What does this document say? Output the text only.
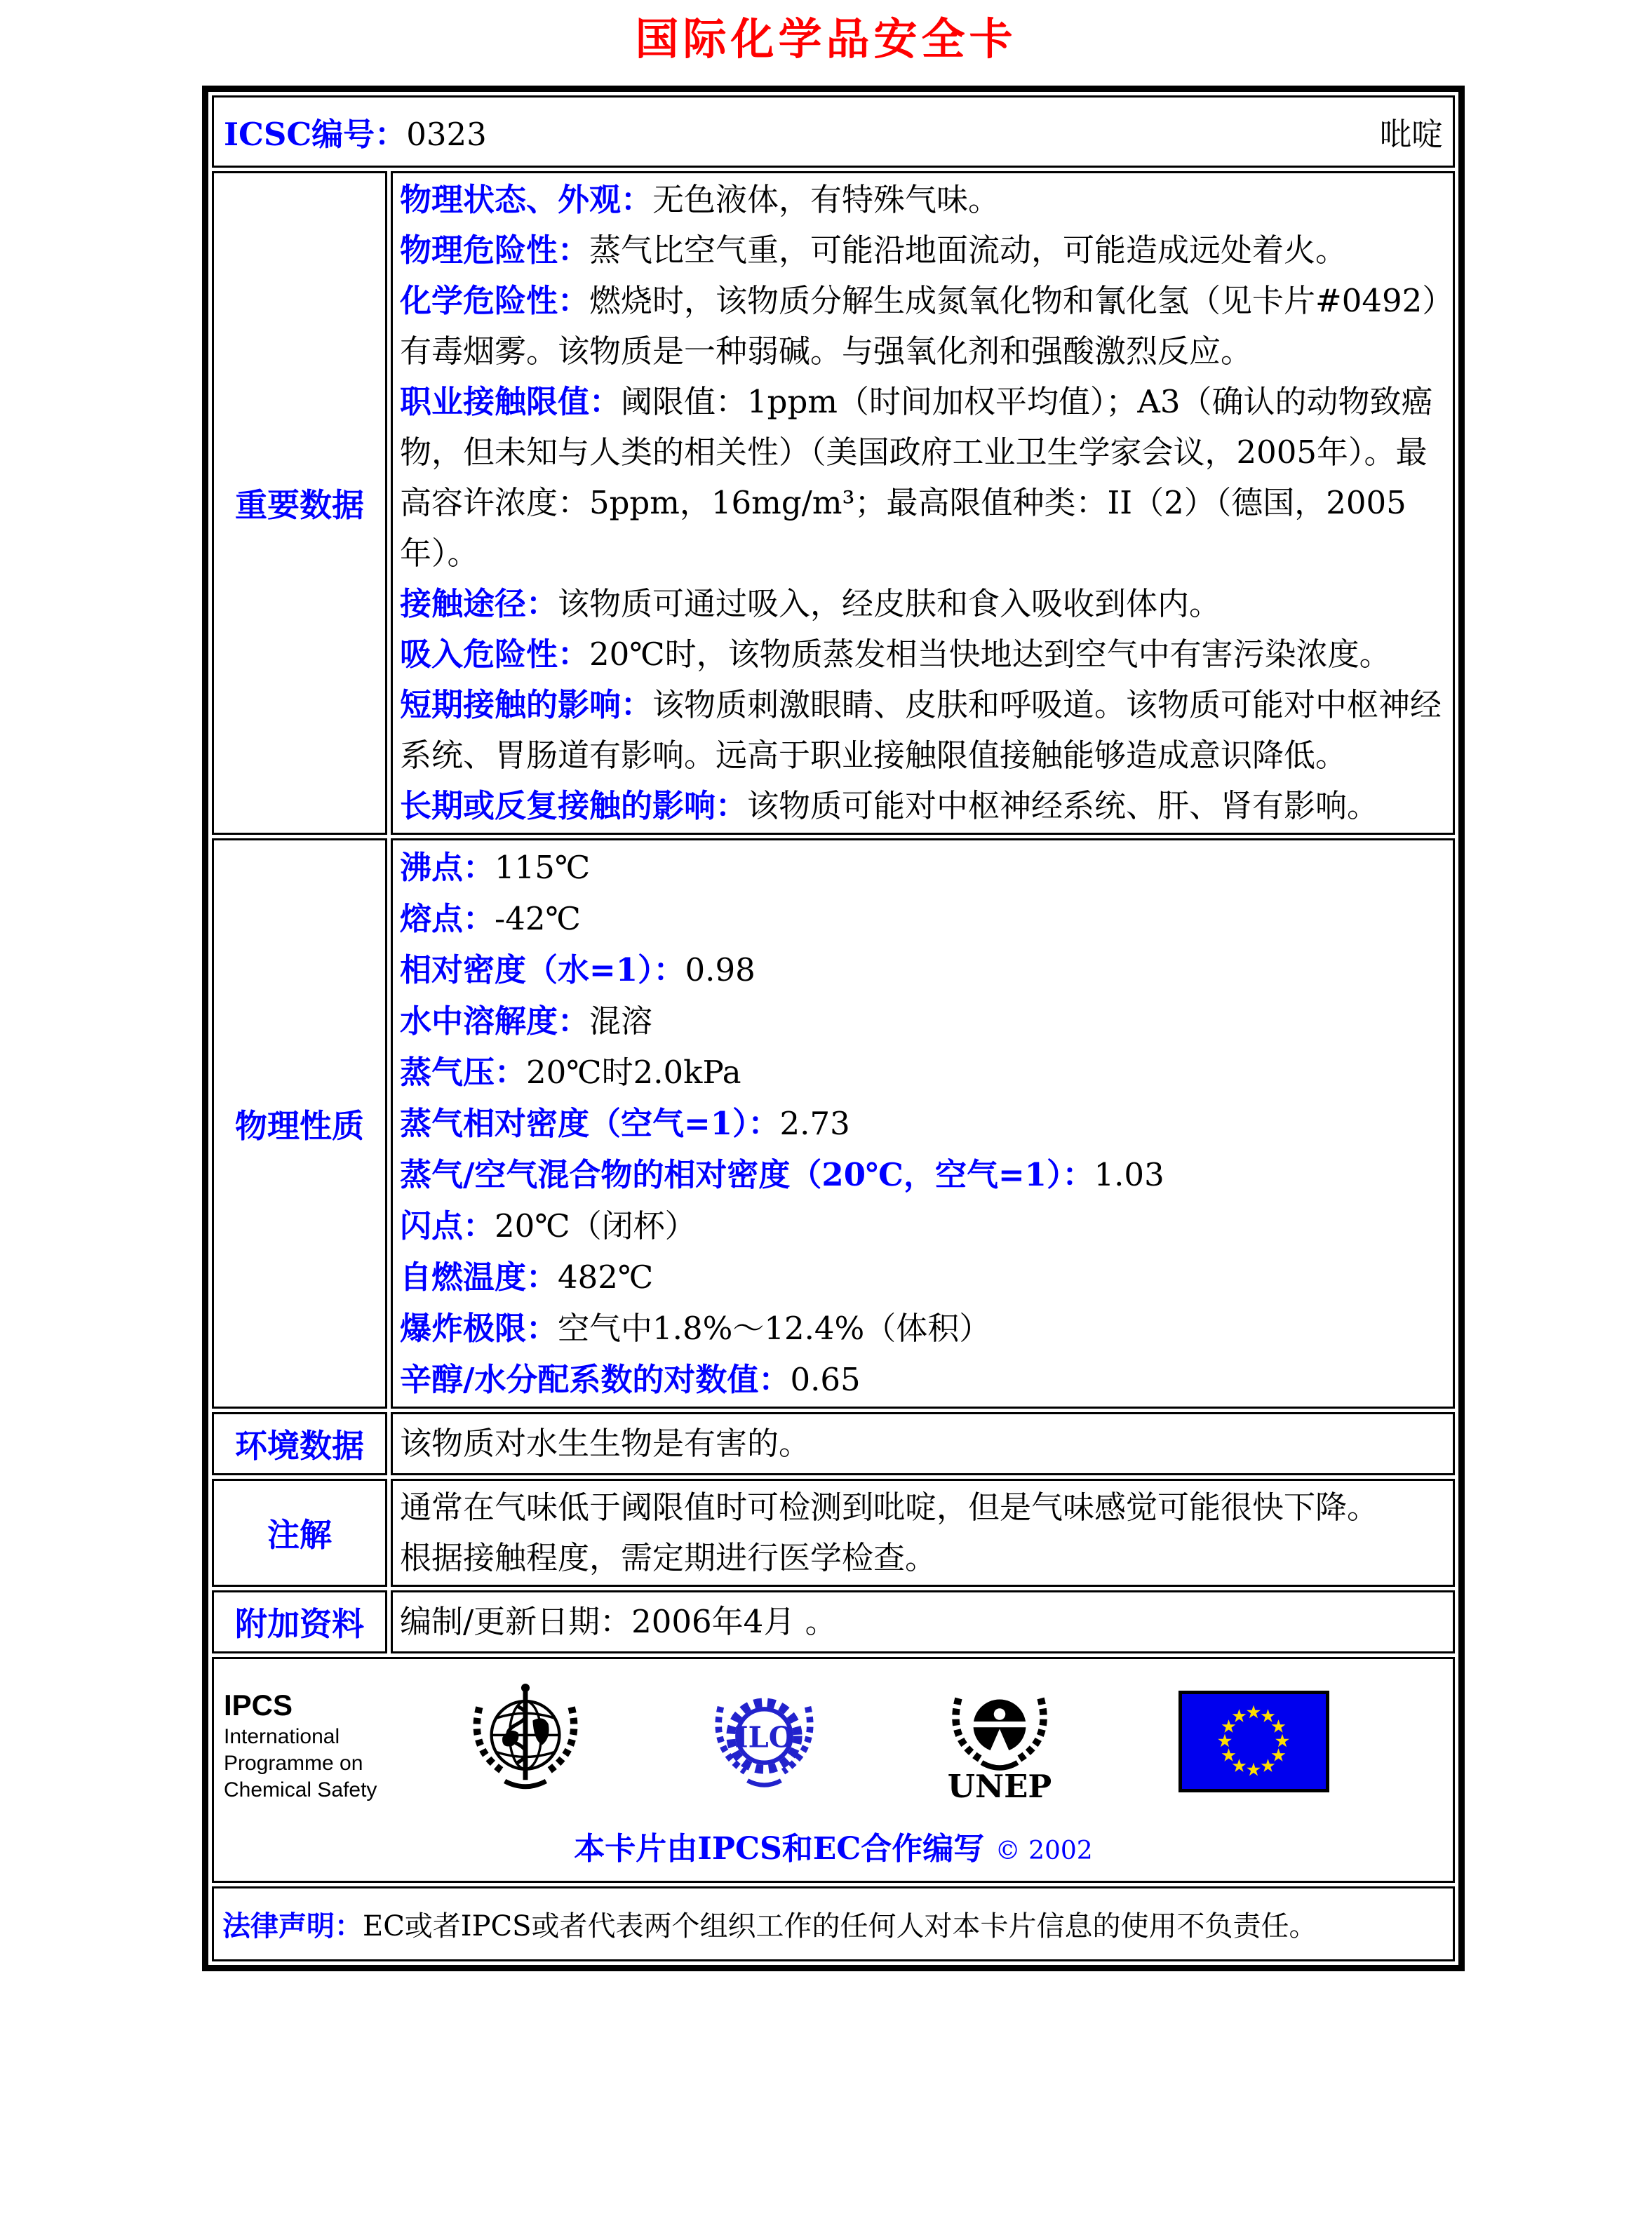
国际化学品安全卡
ICSC编号：0323 吡啶	

重要数据	
物理状态、外观：无色液体，有特殊气味。
物理危险性：蒸气比空气重，可能沿地面流动，可能造成远处着火。
化学危险性：燃烧时，该物质分解生成氮氧化物和氰化氢（见卡片#0492）有毒烟雾。该物质是一种弱碱。与强氧化剂和强酸激烈反应。
职业接触限值：阈限值：1ppm（时间加权平均值）；A3（确认的动物致癌物，但未知与人类的相关性）（美国政府工业卫生学家会议，2005年）。最高容许浓度：5ppm，16mg/m³；最高限值种类：II（2）（德国，2005年）。
接触途径：该物质可通过吸入，经皮肤和食入吸收到体内。
吸入危险性：20℃时，该物质蒸发相当快地达到空气中有害污染浓度。
短期接触的影响：该物质刺激眼睛、皮肤和呼吸道。该物质可能对中枢神经系统、胃肠道有影响。远高于职业接触限值接触能够造成意识降低。
长期或反复接触的影响：该物质可能对中枢神经系统、肝、肾有影响。

物理性质	
沸点：115℃
熔点：-42℃
相对密度（水=1）：0.98
水中溶解度：混溶
蒸气压：20℃时2.0kPa
蒸气相对密度（空气=1）：2.73
蒸气/空气混合物的相对密度（20℃，空气=1）：1.03
闪点：20℃（闭杯）
自燃温度：482℃
爆炸极限：空气中1.8%～12.4%（体积）
辛醇/水分配系数的对数值：0.65

环境数据	该物质对水生生物是有害的。
注解	通常在气味低于阈限值时可检测到吡啶，但是气味感觉可能很快下降。
根据接触程度，需定期进行医学检查。

附加资料	编制/更新日期：2006年4月 。

IPCS
International
Programme on
Chemical Safety
ILO
UNEP
本卡片由IPCS和EC合作编写 © 2002

法律声明：EC或者IPCS或者代表两个组织工作的任何人对本卡片信息的使用不负责任。	
